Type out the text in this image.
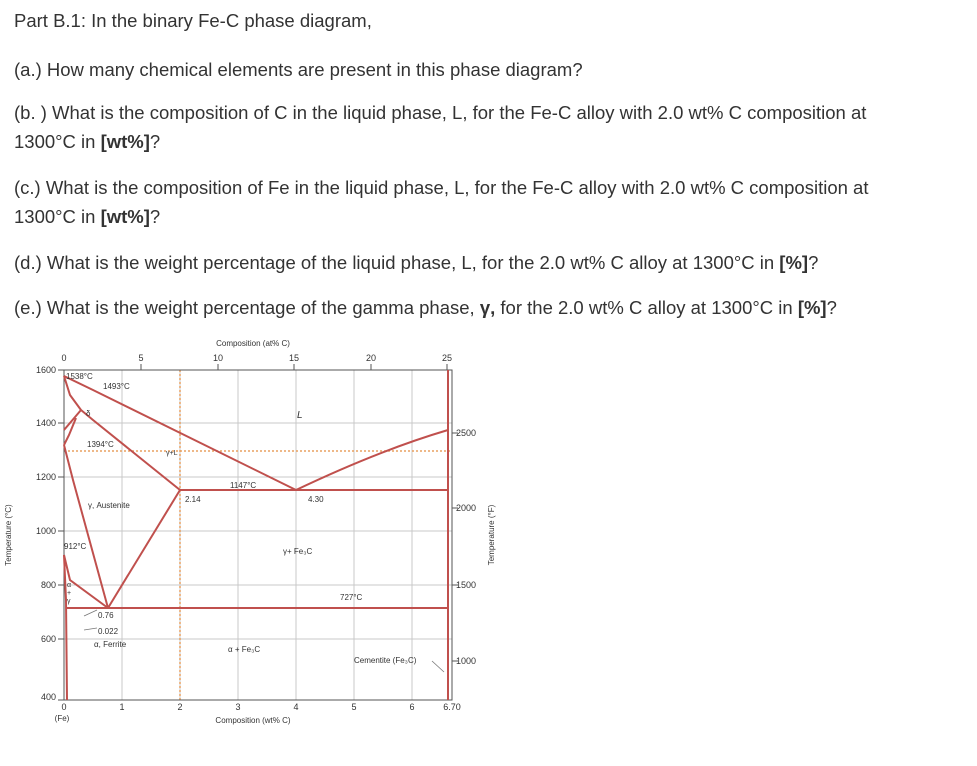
Part B.1: In the binary Fe-C phase diagram,

(a.) How many chemical elements are present in this phase diagram?

(b. ) What is the composition of C in the liquid phase, L, for the Fe-C alloy with 2.0 wt% C composition at
1300°C in [wt%]?

(c.) What is the composition of Fe in the liquid phase, L, for the Fe-C alloy with 2.0 wt% C composition at
1300°C in [wt%]?

(d.) What is the weight percentage of the liquid phase, L, for the 2.0 wt% C alloy at 1300°C in [%]?

(e.) What is the weight percentage of the gamma phase, γ, for the 2.0 wt% C alloy at 1300°C in [%]?

Composition (at% C)
0	5	10	15	20	25
1600
1400
1200
1000
800
600
400
Temperature (°C)
2500
2000
1500
1000
Temperature (°F)
0	1	2	3	4	5	6	6.70
(Fe)	Composition (wt% C)
1538°C
1493°C
δ	L
1394°C
γ+L
1147°C
2.14	4.30
γ, Austenite
912°C
γ+ Fe₃C
α
+
γ	727°C
0.76
0.022
α, Ferrite
α + Fe₃C
Cementite (Fe₃C)
